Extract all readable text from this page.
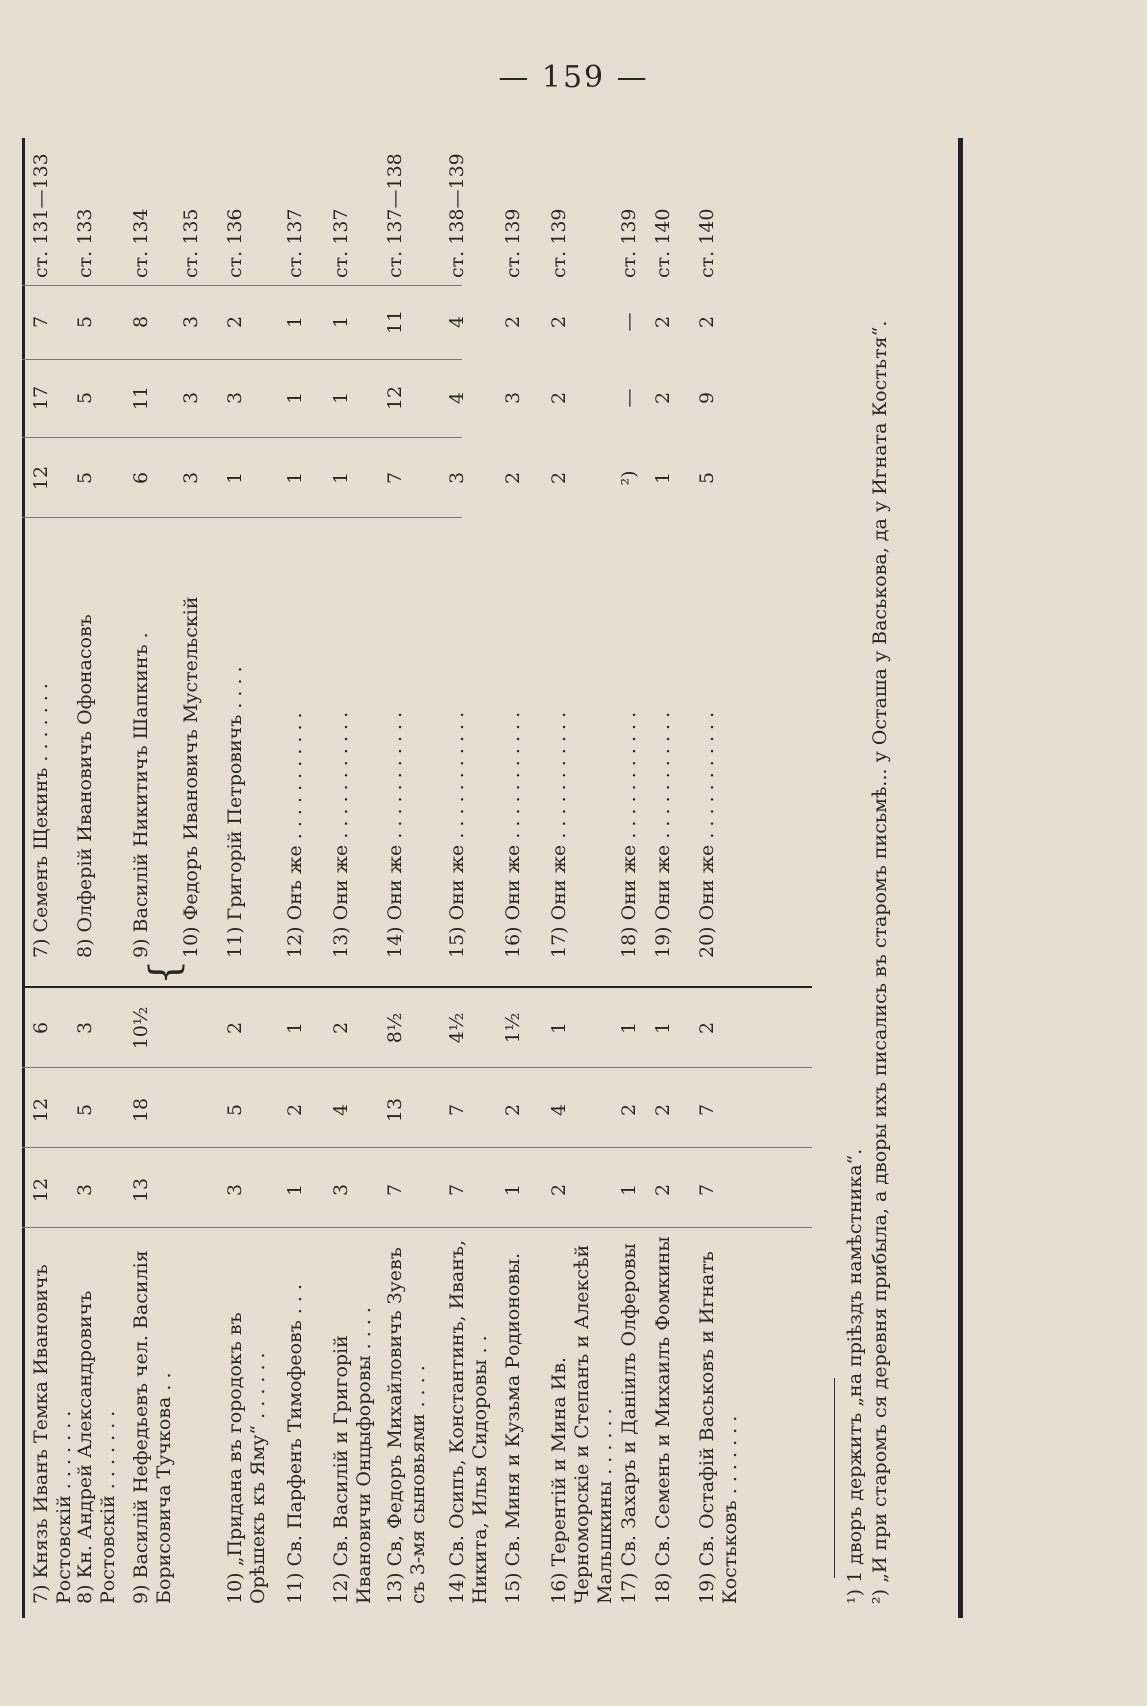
— 159 —
{
7) Князь Иванъ Темка Ивановичъ Ростовскій . . . . . . .
12
12
6
7) Семенъ Щекинъ . . . . . . .
12
17
7
ст. 131—133
8) Кн. Андрей Александровичъ Ростовскій . . . . . . .
3
5
3
8) Олферій Ивановичъ Офонасовъ
5
5
5
ст. 133
9) Василій Нефедьевъ чел. Василія Борисовича Тучкова . .
13
18
10½
9) Василій Никитичъ Шапкинъ .
6
11
8
ст. 134
10) Федоръ Ивановичъ Мустельскій
3
3
3
ст. 135
10) „Придана въ городокъ въ Орѣшекъ къ Яму“ . . . . . .
3
5
2
11) Григорій Петровичъ . . . .
1
3
2
ст. 136
11) Св. Парфенъ Тимофеовъ . . .
1
2
1
12) Онъ же . . . . . . . . . . .
1
1
1
ст. 137
12) Св. Василій и Григорій Ивановичи Онцыфоровы . . . .
3
4
2
13) Они же . . . . . . . . . . .
1
1
1
ст. 137
13) Св, Федоръ Михайловичъ Зуевъ съ 3-мя сыновьями . . . .
7
13
8½
14) Они же . . . . . . . . . . .
7
12
11
ст. 137—138
14) Св. Осипъ, Константинъ, Иванъ, Никита, Илья Сидоровы . .
7
7
4½
15) Они же . . . . . . . . . . .
3
4
4
ст. 138—139
15) Св. Миня и Кузьма Родионовы.
1
2
1½
16) Они же . . . . . . . . . . .
2
3
2
ст. 139
16) Терентій и Мина Ив. Черноморскіе и Степанъ и Алексѣй Мальшкины . . . . . .
2
4
1
17) Они же . . . . . . . . . . .
2
2
2
ст. 139
17) Св. Захаръ и Даніилъ Олферовы
1
2
1
18) Они же . . . . . . . . . . .
²)
—
—
ст. 139
18) Св. Семенъ и Михаилъ Фомкины
2
2
1
19) Они же . . . . . . . . . . .
1
2
2
ст. 140
19) Св. Остафій Васьковъ и Игнатъ Костьковъ . . . . . . .
7
7
2
20) Они же . . . . . . . . . . .
5
9
2
ст. 140
¹) 1 дворъ держитъ „на пріѣздъ намѣстника“. ²) „И при старомъ ся деревня прибыла, а дворы ихъ писались въ старомъ письмѣ... у Осташа у Васькова, да у Игната Костьтя“.
